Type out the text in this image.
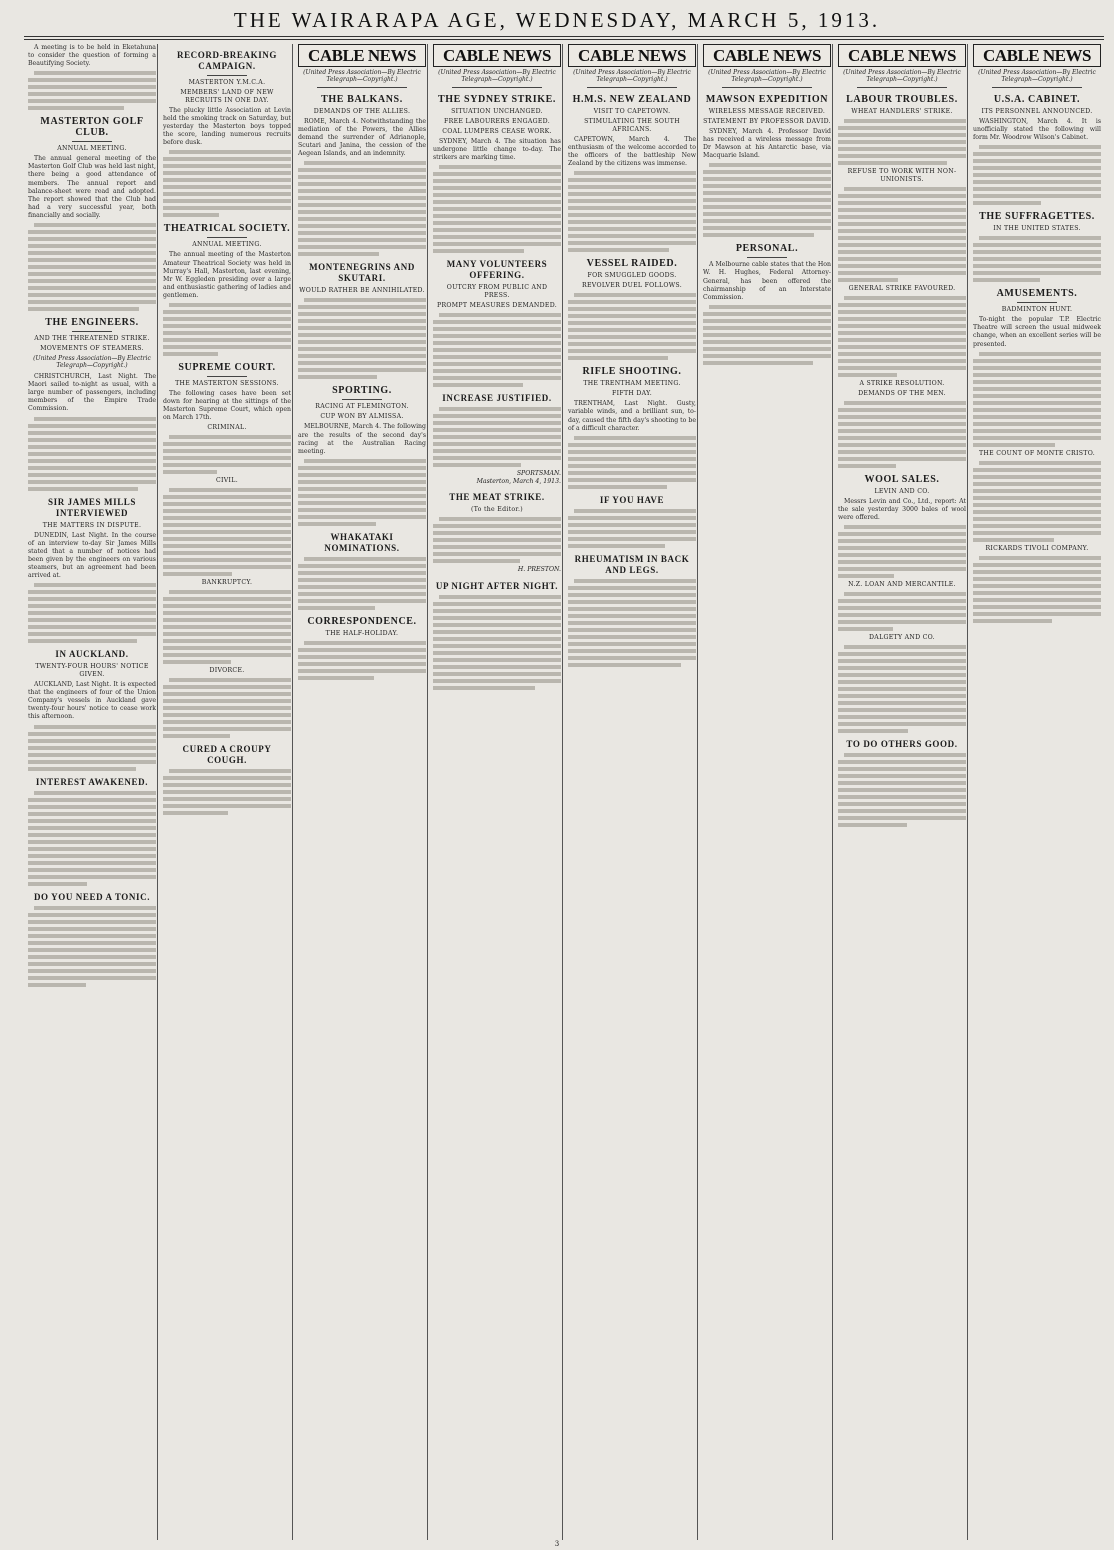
THE WAIRARAPA AGE, WEDNESDAY, MARCH 5, 1913.

A meeting is to be held in Eketahuna to consider the question of forming a Beautifying Society.

MASTERTON GOLF CLUB.
ANNUAL MEETING.

The annual general meeting of the Masterton Golf Club was held last night, there being a good attendance of members. The annual report and balance-sheet were read and adopted. The report showed that the Club had had a very successful year, both financially and socially.

THE ENGINEERS.
AND THE THREATENED STRIKE.
MOVEMENTS OF STEAMERS.
(United Press Association—By Electric Telegraph—Copyright.)

CHRISTCHURCH, Last Night. The Maori sailed to-night as usual, with a large number of passengers, including members of the Empire Trade Commission.

SIR JAMES MILLS INTERVIEWED
THE MATTERS IN DISPUTE.

DUNEDIN, Last Night. In the course of an interview to-day Sir James Mills stated that a number of notices had been given by the engineers on various steamers, but an agreement had been arrived at.

IN AUCKLAND.
TWENTY-FOUR HOURS' NOTICE GIVEN.

AUCKLAND, Last Night. It is expected that the engineers of four of the Union Company's vessels in Auckland gave twenty-four hours' notice to cease work this afternoon.

INTEREST AWAKENED.
DO YOU NEED A TONIC.
RECORD-BREAKING CAMPAIGN.
MASTERTON Y.M.C.A.
MEMBERS' LAND OF NEW RECRUITS IN ONE DAY.

The plucky little Association at Levin held the smoking track on Saturday, but yesterday the Masterton boys topped the score, landing numerous recruits before dusk.

THEATRICAL SOCIETY.
ANNUAL MEETING.

The annual meeting of the Masterton Amateur Theatrical Society was held in Murray's Hall, Masterton, last evening, Mr W. Eggleden presiding over a large and enthusiastic gathering of ladies and gentlemen.

SUPREME COURT.
THE MASTERTON SESSIONS.

The following cases have been set down for hearing at the sittings of the Masterton Supreme Court, which open on March 17th.

CRIMINAL.
CIVIL.
BANKRUPTCY.
DIVORCE.
CURED A CROUPY COUGH.
CABLE NEWS
(United Press Association—By Electric Telegraph—Copyright.)
THE BALKANS.
DEMANDS OF THE ALLIES.

ROME, March 4. Notwithstanding the mediation of the Powers, the Allies demand the surrender of Adrianople, Scutari and Janina, the cession of the Aegean Islands, and an indemnity.

MONTENEGRINS AND SKUTARI.
WOULD RATHER BE ANNIHILATED.
SPORTING.
RACING AT FLEMINGTON.
CUP WON BY ALMISSA.

MELBOURNE, March 4. The following are the results of the second day's racing at the Australian Racing meeting.

WHAKATAKI NOMINATIONS.
CORRESPONDENCE.
THE HALF-HOLIDAY.
CABLE NEWS
(United Press Association—By Electric Telegraph—Copyright.)
THE SYDNEY STRIKE.
SITUATION UNCHANGED.
FREE LABOURERS ENGAGED.
COAL LUMPERS CEASE WORK.

SYDNEY, March 4. The situation has undergone little change to-day. The strikers are marking time.

MANY VOLUNTEERS OFFERING.
OUTCRY FROM PUBLIC AND PRESS.
PROMPT MEASURES DEMANDED.
INCREASE JUSTIFIED.
SPORTSMAN.
Masterton, March 4, 1913.
THE MEAT STRIKE.
(To the Editor.)
H. PRESTON.
UP NIGHT AFTER NIGHT.
CABLE NEWS
(United Press Association—By Electric Telegraph—Copyright.)
H.M.S. NEW ZEALAND
VISIT TO CAPETOWN.
STIMULATING THE SOUTH AFRICANS.

CAPETOWN, March 4. The enthusiasm of the welcome accorded to the officers of the battleship New Zealand by the citizens was immense.

VESSEL RAIDED.
FOR SMUGGLED GOODS.
REVOLVER DUEL FOLLOWS.
RIFLE SHOOTING.
THE TRENTHAM MEETING.
FIFTH DAY.

TRENTHAM, Last Night. Gusty, variable winds, and a brilliant sun, to-day, caused the fifth day's shooting to be of a difficult character.

IF YOU HAVE
RHEUMATISM IN BACK AND LEGS.
CABLE NEWS
(United Press Association—By Electric Telegraph—Copyright.)
MAWSON EXPEDITION
WIRELESS MESSAGE RECEIVED.
STATEMENT BY PROFESSOR DAVID.

SYDNEY, March 4. Professor David has received a wireless message from Dr Mawson at his Antarctic base, via Macquarie Island.

PERSONAL.

A Melbourne cable states that the Hon W. H. Hughes, Federal Attorney-General, has been offered the chairmanship of an Interstate Commission.

CABLE NEWS
(United Press Association—By Electric Telegraph—Copyright.)
LABOUR TROUBLES.
WHEAT HANDLERS' STRIKE.
REFUSE TO WORK WITH NON-UNIONISTS.
GENERAL STRIKE FAVOURED.
A STRIKE RESOLUTION.
DEMANDS OF THE MEN.
WOOL SALES.
LEVIN AND CO.

Messrs Levin and Co., Ltd., report: At the sale yesterday 3000 bales of wool were offered.

N.Z. LOAN AND MERCANTILE.
DALGETY AND CO.
TO DO OTHERS GOOD.
CABLE NEWS
(United Press Association—By Electric Telegraph—Copyright.)
U.S.A. CABINET.
ITS PERSONNEL ANNOUNCED.

WASHINGTON, March 4. It is unofficially stated the following will form Mr. Woodrow Wilson's Cabinet.

THE SUFFRAGETTES.
IN THE UNITED STATES.
AMUSEMENTS.
BADMINTON HUNT.

To-night the popular T.P. Electric Theatre will screen the usual midweek change, when an excellent series will be presented.

THE COUNT OF MONTE CRISTO.
RICKARDS TIVOLI COMPANY.
3
